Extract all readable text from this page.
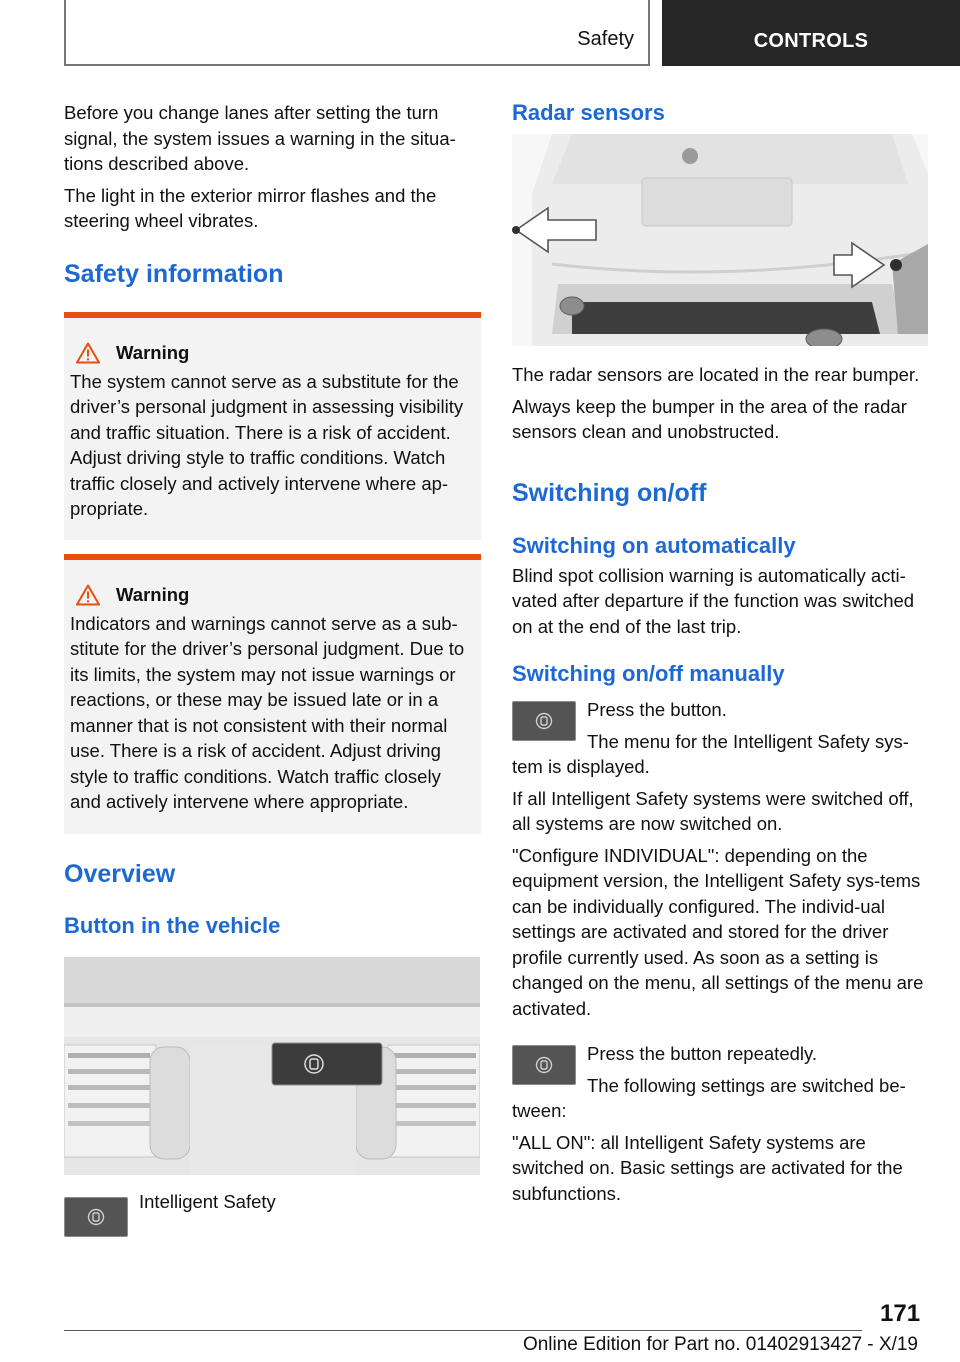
Safety	CONTROLS

Before you change lanes after setting the turn signal, the system issues a warning in the situa-tions described above.

The light in the exterior mirror flashes and the steering wheel vibrates.

Safety information
Warning

The system cannot serve as a substitute for the driver’s personal judgment in assessing visibility and traffic situation. There is a risk of accident. Adjust driving style to traffic conditions. Watch traffic closely and actively intervene where ap-propriate.

Warning

Indicators and warnings cannot serve as a sub-stitute for the driver’s personal judgment. Due to its limits, the system may not issue warnings or reactions, or these may be issued late or in a manner that is not consistent with their normal use. There is a risk of accident. Adjust driving style to traffic conditions. Watch traffic closely and actively intervene where appropriate.

Overview
Button in the vehicle
Intelligent Safety
Radar sensors

The radar sensors are located in the rear bumper.

Always keep the bumper in the area of the radar sensors clean and unobstructed.

Switching on/off
Switching on automatically

Blind spot collision warning is automatically acti-vated after departure if the function was switched on at the end of the last trip.

Switching on/off manually
Press the button.
The menu for the Intelligent Safety sys-
tem is displayed.

If all Intelligent Safety systems were switched off, all systems are now switched on.

"Configure INDIVIDUAL": depending on the equipment version, the Intelligent Safety sys-tems can be individually configured. The individ-ual settings are activated and stored for the driver profile currently used. As soon as a setting is changed on the menu, all settings of the menu are activated.

Press the button repeatedly.
The following settings are switched be-
tween:

"ALL ON": all Intelligent Safety systems are switched on. Basic settings are activated for the subfunctions.

171
Online Edition for Part no. 01402913427 - X/19
